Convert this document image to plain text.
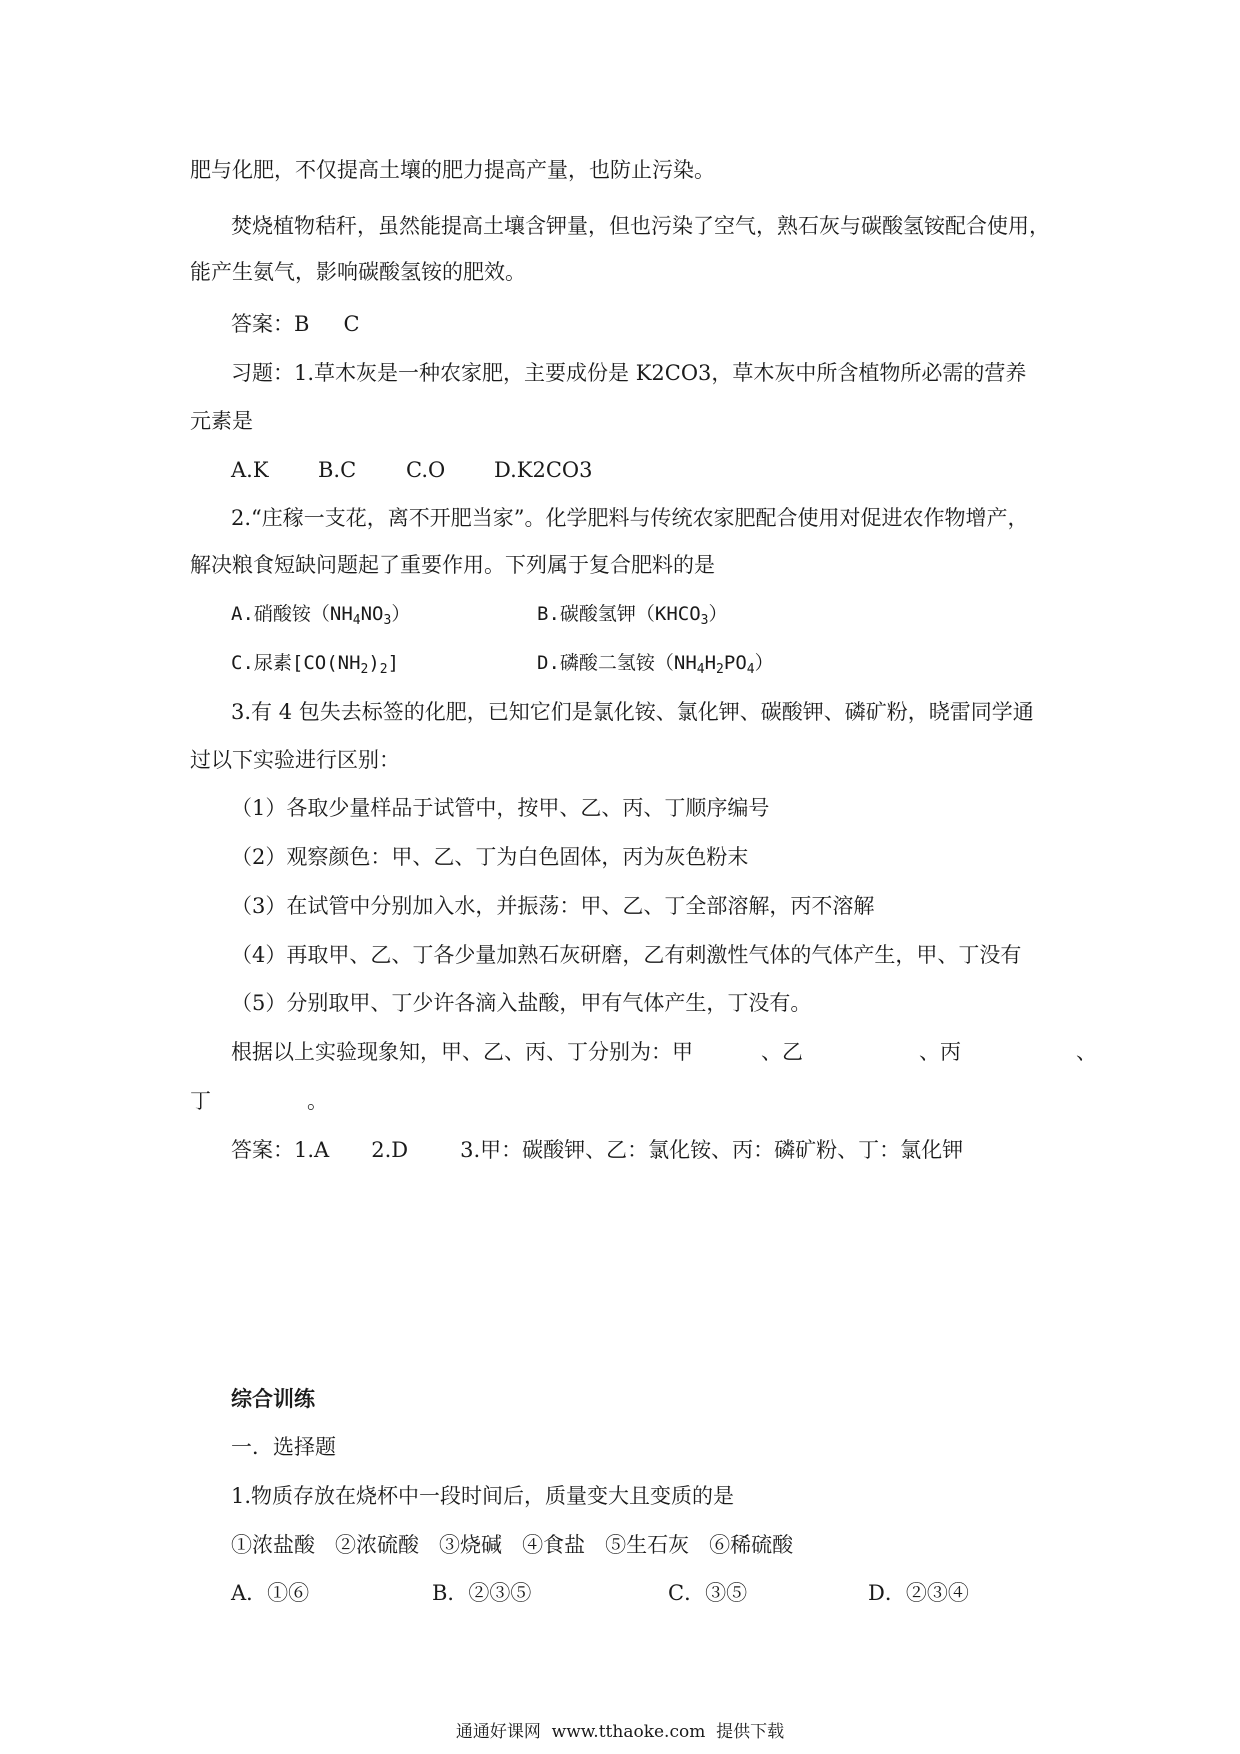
肥与化肥，不仅提高土壤的肥力提高产量，也防止污染。
焚烧植物秸秆，虽然能提高土壤含钾量，但也污染了空气，熟石灰与碳酸氢铵配合使用，
能产生氨气，影响碳酸氢铵的肥效。
答案：B C
习题：1.草木灰是一种农家肥，主要成份是 K2CO3，草木灰中所含植物所必需的营养
元素是
A.K B.C C.O D.K2CO3
2.“庄稼一支花，离不开肥当家”。化学肥料与传统农家肥配合使用对促进农作物增产，
解决粮食短缺问题起了重要作用。下列属于复合肥料的是
A.硝酸铵$(NH_4NO_3)$	B.碳酸氢钾$(KHCO_3)$
C.尿素$[CO(NH_2)_2]$	D.磷酸二氢铵$(NH_4H_2PO_4)$
3.有 4 包失去标签的化肥，已知它们是氯化铵、氯化钾、碳酸钾、磷矿粉，晓雷同学通
过以下实验进行区别：
（1）各取少量样品于试管中，按甲、乙、丙、丁顺序编号
（2）观察颜色：甲、乙、丁为白色固体，丙为灰色粉末
（3）在试管中分别加入水，并振荡：甲、乙、丁全部溶解，丙不溶解
（4）再取甲、乙、丁各少量加熟石灰研磨，乙有刺激性气体的气体产生，甲、丁没有
（5）分别取甲、丁少许各滴入盐酸，甲有气体产生，丁没有。
根据以上实验现象知，甲、乙、丙、丁分别为：甲	、乙	、丙	、
丁	。
答案：1.A 2.D 3.甲：碳酸钾、乙：氯化铵、丙：磷矿粉、丁：氯化钾
综合训练
一．选择题
1.物质存放在烧杯中一段时间后，质量变大且变质的是
①浓盐酸   ②浓硫酸   ③烧碱   ④食盐   ⑤生石灰   ⑥稀硫酸
A．①⑥	B．②③⑤	C．③⑤	D．②③④
通通好课网  www.tthaoke.com  提供下载
